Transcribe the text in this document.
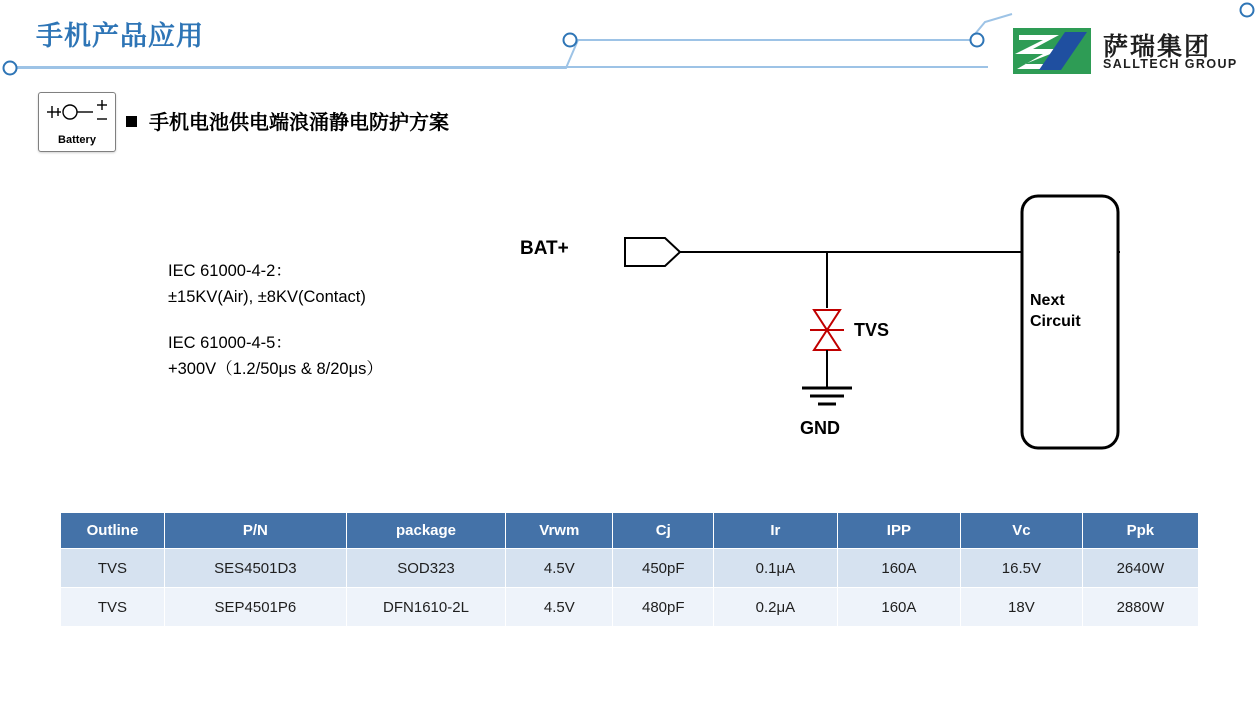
手机产品应用	萨瑞集团
SALLTECH GROUP
Battery
手机电池供电端浪涌静电防护方案
IEC 61000-4-2：
±15KV(Air), ±8KV(Contact)
IEC 61000-4-5：
+300V（1.2/50μs & 8/20μs）
BAT+
TVS
GND
Next
Circuit
Outline	P/N	package	Vrwm	Cj	Ir	IPP	Vc	Ppk
TVS	SES4501D3	SOD323	4.5V	450pF	0.1μA	160A	16.5V	2640W
TVS	SEP4501P6	DFN1610-2L	4.5V	480pF	0.2μA	160A	18V	2880W
